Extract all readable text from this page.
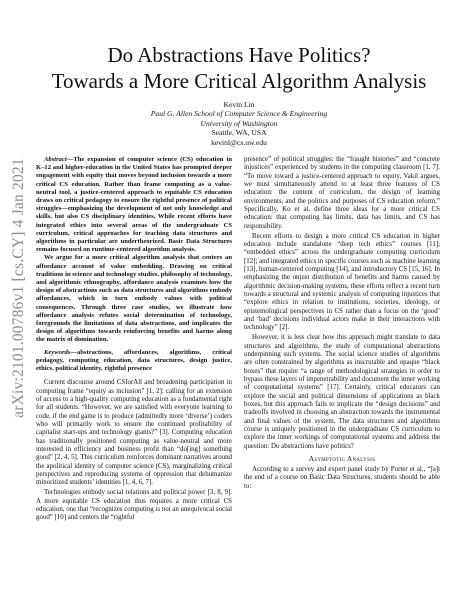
arXiv:2101.00786v1 [cs.CY] 4 Jan 2021
Do Abstractions Have Politics?
Towards a More Critical Algorithm Analysis
Kevin Lin
Paul G. Allen School of Computer Science & Engineering
University of Washington
Seattle, WA, USA
kevinl@cs.uw.edu

Abstract—The expansion of computer science (CS) education in K–12 and higher-education in the United States has prompted deeper engagement with equity that moves beyond inclusion towards a more critical CS education. Rather than frame computing as a value-neutral tool, a justice-centered approach to equitable CS education draws on critical pedagogy to ensure the rightful presence of political struggles—emphasizing the development of not only knowledge and skills, but also CS disciplinary identities. While recent efforts have integrated ethics into several areas of the undergraduate CS curriculum, critical approaches for teaching data structures and algorithms in particular are undertheorized. Basic Data Structures remains focused on runtime-centered algorithm analysis.

We argue for a more critical algorithm analysis that centers an affordance account of value embedding. Drawing on critical traditions in science and technology studies, philosophy of technology, and algorithmic ethnography, affordance analysis examines how the design of abstractions such as data structures and algorithms embody affordances, which in turn embody values with political consequences. Through three case studies, we illustrate how affordance analysis refutes social determination of technology, foregrounds the limitations of data abstractions, and implicates the design of algorithms towards reinforcing benefits and harms along the matrix of domination.

Keywords—abstractions, affordances, algorithms, critical pedagogy, computing education, data structures, design justice, ethics, political identity, rightful presence

Current discourse around CSforAll and broadening participation in computing frame “equity as inclusion” [1, 2]: calling for an extension of access to a high-quality computing education as a fundamental right for all students. “However, we are satisfied with everyone learning to code, if the end game is to produce (admittedly more ‘diverse’) coders who will primarily work to ensure the continued profitability of capitalist start-ups and technology giants?” [3]. Computing education has traditionally positioned computing as value-neutral and more interested in efficiency and business profit than “do[ing] something good” [2, 4, 5]. This curriculum reinforces dominant narratives around the apolitical identity of computer science (CS), marginalizing critical perspectives and reproducing systems of oppression that dehumanize minoritized students’ identities [1, 4, 6, 7].

Technologies embody social relations and political power [3, 8, 9]. A more equitable CS education thus requires a more critical CS education, one that “recognizes computing is not an unequivocal social good” [10] and centers the “rightful

presence” of political struggles: the “fraught histories” and “concrete injustices” experienced by students in the computing classroom [1, 7]. “To move toward a justice-centered approach to equity, Vakil argues, we must simultaneously attend to at least three features of CS education: the content of curriculum, the design of learning environments, and the politics and purposes of CS education reform.” Specifically, Ko et al. define three ideas for a more critical CS education: that computing has limits, data has limits, and CS has responsibility.

Recent efforts to design a more critical CS education in higher education include standalone “deep tech ethics” courses [11]; “embedded ethics” across the undergraduate computing curriculum [12]; and integrated ethics in specific courses such as machine learning [13], human-centered computing [14], and introductory CS [15, 16]. In emphasizing the unjust distribution of benefits and harms caused by algorithmic decision-making systems, these efforts reflect a recent turn towards a structural and systemic analysis of computing injustices that “explore ethics in relation to institutions, societies, ideology, or epistemological perspectives in CS rather than a focus on the ‘good’ and ‘bad’ decisions individual actors make in their interactions with technology” [2].

However, it is less clear how this approach might translate to data structures and algorithms, the study of computational abstractions underpinning such systems. The social science studies of algorithms are often constrained by algorithms as inscrutable and opaque “black boxes” that require “a range of methodological strategies in order to bypass these layers of impenetrability and document the inner working of computational systems” [17]. Certainly, critical educators can explore the social and political dimensions of applications as black boxes, but this approach fails to implicate the “design decisions” and tradeoffs involved in choosing an abstraction towards the instrumental and final values of the system. The data structures and algorithms course is uniquely positioned in the undergraduate CS curriculum to explore the inner workings of computational systems and address the question: Do abstractions have politics?

Asymptotic Analysis

According to a survey and expert panel study by Porter et al., “[a]t the end of a course on Basic Data Structures, students should be able to:
